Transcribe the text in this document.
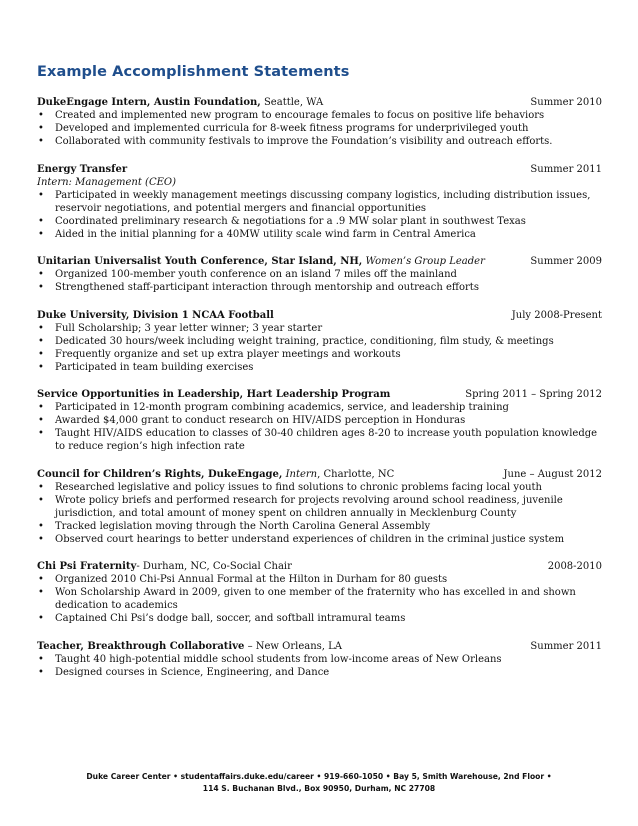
Example Accomplishment Statements
DukeEngage Intern, Austin Foundation, Seattle, WA	Summer 2010
• Created and implemented new program to encourage females to focus on positive life behaviors
• Developed and implemented curricula for 8-week fitness programs for underprivileged youth
• Collaborated with community festivals to improve the Foundation’s visibility and outreach efforts.
Energy Transfer	Summer 2011
Intern: Management (CEO)
• Participated in weekly management meetings discussing company logistics, including distribution issues, reservoir negotiations, and potential mergers and financial opportunities
• Coordinated preliminary research & negotiations for a .9 MW solar plant in southwest Texas
• Aided in the initial planning for a 40MW utility scale wind farm in Central America
Unitarian Universalist Youth Conference, Star Island, NH, Women’s Group Leader	Summer 2009
• Organized 100-member youth conference on an island 7 miles off the mainland
• Strengthened staff-participant interaction through mentorship and outreach efforts
Duke University, Division 1 NCAA Football	July 2008-Present
• Full Scholarship; 3 year letter winner; 3 year starter
• Dedicated 30 hours/week including weight training, practice, conditioning, film study, & meetings
• Frequently organize and set up extra player meetings and workouts
• Participated in team building exercises
Service Opportunities in Leadership, Hart Leadership Program	Spring 2011 – Spring 2012
• Participated in 12-month program combining academics, service, and leadership training
• Awarded $4,000 grant to conduct research on HIV/AIDS perception in Honduras
• Taught HIV/AIDS education to classes of 30-40 children ages 8-20 to increase youth population knowledge to reduce region’s high infection rate
Council for Children’s Rights, DukeEngage, Intern, Charlotte, NC	June – August 2012
• Researched legislative and policy issues to find solutions to chronic problems facing local youth
• Wrote policy briefs and performed research for projects revolving around school readiness, juvenile jurisdiction, and total amount of money spent on children annually in Mecklenburg County
• Tracked legislation moving through the North Carolina General Assembly
• Observed court hearings to better understand experiences of children in the criminal justice system
Chi Psi Fraternity- Durham, NC, Co-Social Chair	2008-2010
• Organized 2010 Chi-Psi Annual Formal at the Hilton in Durham for 80 guests
• Won Scholarship Award in 2009, given to one member of the fraternity who has excelled in and shown dedication to academics
• Captained Chi Psi’s dodge ball, soccer, and softball intramural teams
Teacher, Breakthrough Collaborative – New Orleans, LA	Summer 2011
• Taught 40 high-potential middle school students from low-income areas of New Orleans
• Designed courses in Science, Engineering, and Dance
Duke Career Center • studentaffairs.duke.edu/career • 919-660-1050 • Bay 5, Smith Warehouse, 2nd Floor •
114 S. Buchanan Blvd., Box 90950, Durham, NC 27708
